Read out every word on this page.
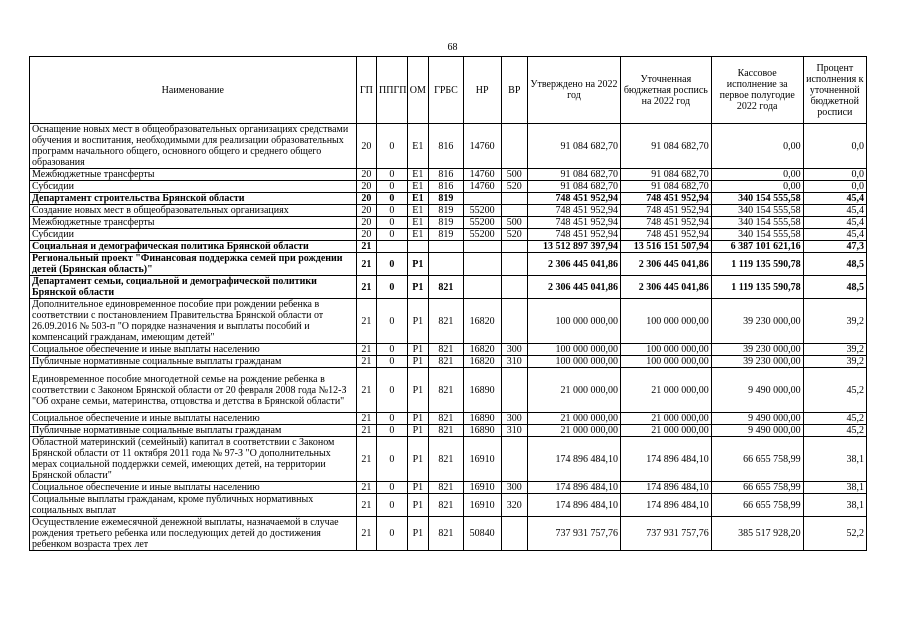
68
Наименование	ГП	ППГП	ОМ	ГРБС	НР	ВР	Утверждено на 2022 год	Уточненная бюджетная роспись на 2022 год	Кассовое исполнение за первое полугодие 2022 года	Процент исполнения к уточненной бюджетной росписи
Оснащение новых мест в общеобразовательных организациях средствами обучения и воспитания, необходимыми для реализации образовательных программ начального общего, основного общего и среднего общего образования	20	0	E1	816	14760		91 084 682,70	91 084 682,70	0,00	0,0
Межбюджетные трансферты	20	0	E1	816	14760	500	91 084 682,70	91 084 682,70	0,00	0,0
Субсидии	20	0	E1	816	14760	520	91 084 682,70	91 084 682,70	0,00	0,0
Департамент строительства Брянской области	20	0	E1	819			748 451 952,94	748 451 952,94	340 154 555,58	45,4
Создание новых мест в общеобразовательных организациях	20	0	E1	819	55200		748 451 952,94	748 451 952,94	340 154 555,58	45,4
Межбюджетные трансферты	20	0	E1	819	55200	500	748 451 952,94	748 451 952,94	340 154 555,58	45,4
Субсидии	20	0	E1	819	55200	520	748 451 952,94	748 451 952,94	340 154 555,58	45,4
Социальная и демографическая политика Брянской области	21						13 512 897 397,94	13 516 151 507,94	6 387 101 621,16	47,3
Региональный проект "Финансовая поддержка семей при рождении детей (Брянская область)"	21	0	P1				2 306 445 041,86	2 306 445 041,86	1 119 135 590,78	48,5
Департамент семьи, социальной и демографической политики Брянской области	21	0	P1	821			2 306 445 041,86	2 306 445 041,86	1 119 135 590,78	48,5
Дополнительное единовременное пособие при рождении ребенка в соответствии с постановлением Правительства Брянской области от 26.09.2016 № 503-п "О порядке назначения и выплаты пособий и компенсаций гражданам, имеющим детей"	21	0	P1	821	16820		100 000 000,00	100 000 000,00	39 230 000,00	39,2
Социальное обеспечение и иные выплаты населению	21	0	P1	821	16820	300	100 000 000,00	100 000 000,00	39 230 000,00	39,2
Публичные нормативные социальные выплаты гражданам	21	0	P1	821	16820	310	100 000 000,00	100 000 000,00	39 230 000,00	39,2
Единовременное пособие многодетной семье на рождение ребенка в соответствии с Законом Брянской области от 20 февраля 2008 года №12-З "Об охране семьи, материнства, отцовства и детства в Брянской области"	21	0	P1	821	16890		21 000 000,00	21 000 000,00	9 490 000,00	45,2
Социальное обеспечение и иные выплаты населению	21	0	P1	821	16890	300	21 000 000,00	21 000 000,00	9 490 000,00	45,2
Публичные нормативные социальные выплаты гражданам	21	0	P1	821	16890	310	21 000 000,00	21 000 000,00	9 490 000,00	45,2
Областной материнский (семейный) капитал в соответствии с Законом Брянской области от 11 октября 2011 года № 97-З "О дополнительных мерах социальной поддержки семей, имеющих детей, на территории Брянской области"	21	0	P1	821	16910		174 896 484,10	174 896 484,10	66 655 758,99	38,1
Социальное обеспечение и иные выплаты населению	21	0	P1	821	16910	300	174 896 484,10	174 896 484,10	66 655 758,99	38,1
Социальные выплаты гражданам, кроме публичных нормативных социальных выплат	21	0	P1	821	16910	320	174 896 484,10	174 896 484,10	66 655 758,99	38,1
Осуществление ежемесячной денежной выплаты, назначаемой в случае рождения третьего ребенка или последующих детей до достижения ребенком возраста трех лет	21	0	P1	821	50840		737 931 757,76	737 931 757,76	385 517 928,20	52,2
